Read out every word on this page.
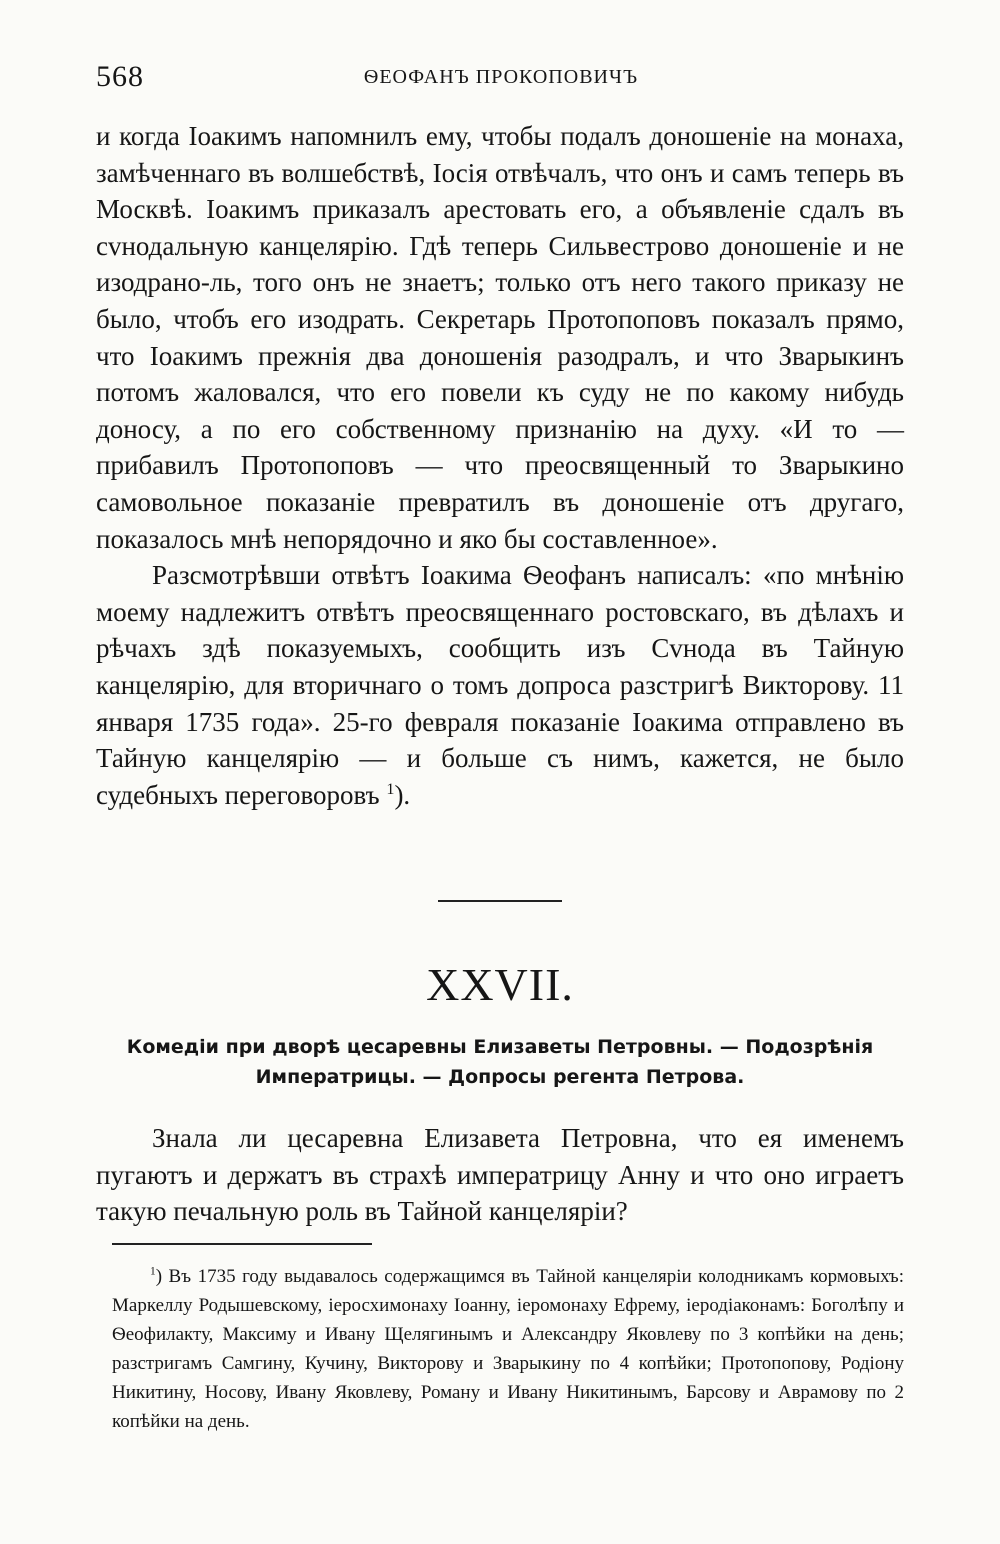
568	ѲЕОФАНЪ ПРОКОПОВИЧЪ

и когда Іоакимъ напомнилъ ему, чтобы подалъ доношеніе на монаха, замѣченнаго въ волшебствѣ, Іосія отвѣчалъ, что онъ и самъ теперь въ Москвѣ. Іоакимъ приказалъ арестовать его, а объявленіе сдалъ въ сvнодальную канцелярію. Гдѣ теперь Сильвестрово доношеніе и не изодрано-ль, того онъ не знаетъ; только отъ него такого приказу не было, чтобъ его изодрать. Секретарь Протопоповъ показалъ прямо, что Іоакимъ прежнія два доношенія разодралъ, и что Зварыкинъ потомъ жаловался, что его повели къ суду не по какому нибудь доносу, а по его собственному признанію на духу. «И то — прибавилъ Протопоповъ — что преосвященный то Зварыкино самовольное показаніе превратилъ въ доношеніе отъ другаго, показалось мнѣ непорядочно и яко бы составленное».

Разсмотрѣвши отвѣтъ Іоакима Ѳеофанъ написалъ: «по мнѣнію моему надлежитъ отвѣтъ преосвященнаго ростовскаго, въ дѣлахъ и рѣчахъ здѣ показуемыхъ, сообщить изъ Сvнода въ Тайную канцелярію, для вторичнаго о томъ допроса разстригѣ Викторову. 11 января 1735 года». 25-го февраля показаніе Іоакима отправлено въ Тайную канцелярію — и больше съ нимъ, кажется, не было судебныхъ переговоровъ $^1$).

XXVII.
Комедіи при дворѣ цесаревны Елизаветы Петровны. — Подозрѣнія
Императрицы. — Допросы регента Петрова.

Знала ли цесаревна Елизавета Петровна, что ея именемъ пугаютъ и держатъ въ страхѣ императрицу Анну и что оно играетъ такую печальную роль въ Тайной канцеляріи?

$^1$) Въ 1735 году выдавалось содержащимся въ Тайной канцеляріи колодникамъ кормовыхъ: Маркеллу Родышевскому, іеросхимонаху Іоанну, іеромонаху Ефрему, іеродіаконамъ: Боголѣпу и Ѳеофилакту, Максиму и Ивану Щелягинымъ и Александру Яковлеву по 3 копѣйки на день; разстригамъ Самгину, Кучину, Викторову и Зварыкину по 4 копѣйки; Протопопову, Родіону Никитину, Носову, Ивану Яковлеву, Роману и Ивану Никитинымъ, Барсову и Аврамову по 2 копѣйки на день.
